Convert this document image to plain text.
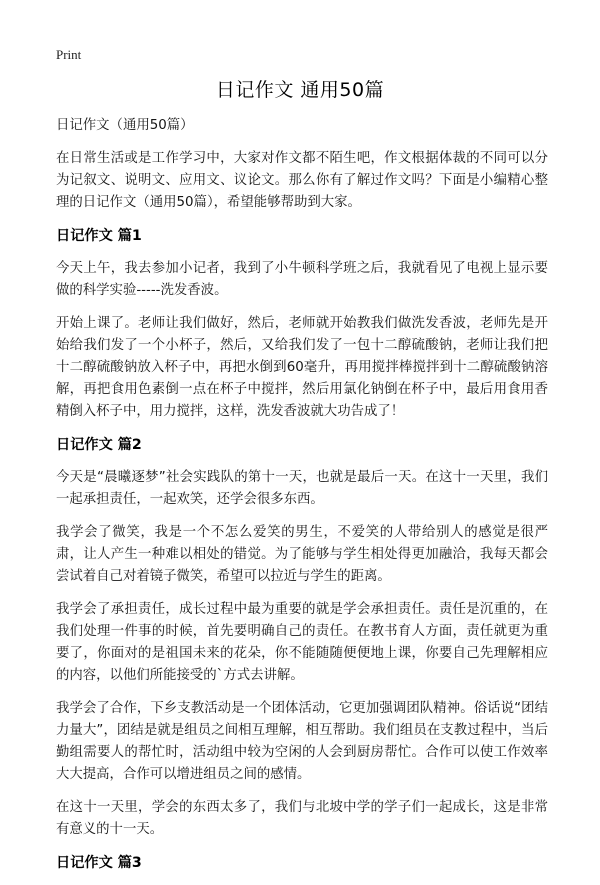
Print
日记作文 通用50篇
日记作文（通用50篇）
在日常生活或是工作学习中，大家对作文都不陌生吧，作文根据体裁的不同可以分为记叙文、说明文、应用文、议论文。那么你有了解过作文吗？下面是小编精心整理的日记作文（通用50篇），希望能够帮助到大家。
日记作文 篇1
今天上午，我去参加小记者，我到了小牛顿科学班之后，我就看见了电视上显示要做的科学实验-----洗发香波。
开始上课了。老师让我们做好，然后，老师就开始教我们做洗发香波，老师先是开始给我们发了一个小杯子，然后，又给我们发了一包十二醇硫酸钠，老师让我们把十二醇硫酸钠放入杯子中，再把水倒到60毫升，再用搅拌棒搅拌到十二醇硫酸钠溶解，再把食用色素倒一点在杯子中搅拌，然后用氯化钠倒在杯子中，最后用食用香精倒入杯子中，用力搅拌，这样，洗发香波就大功告成了！
日记作文 篇2
今天是“晨曦逐梦”社会实践队的第十一天，也就是最后一天。在这十一天里，我们一起承担责任，一起欢笑，还学会很多东西。
我学会了微笑，我是一个不怎么爱笑的男生，不爱笑的人带给别人的感觉是很严肃，让人产生一种难以相处的错觉。为了能够与学生相处得更加融洽，我每天都会尝试着自己对着镜子微笑，希望可以拉近与学生的距离。
我学会了承担责任，成长过程中最为重要的就是学会承担责任。责任是沉重的，在我们处理一件事的时候，首先要明确自己的责任。在教书育人方面，责任就更为重要了，你面对的是祖国未来的花朵，你不能随随便便地上课，你要自己先理解相应的内容，以他们所能接受的`方式去讲解。
我学会了合作，下乡支教活动是一个团体活动，它更加强调团队精神。俗话说“团结力量大”，团结是就是组员之间相互理解，相互帮助。我们组员在支教过程中，当后勤组需要人的帮忙时，活动组中较为空闲的人会到厨房帮忙。合作可以使工作效率大大提高，合作可以增进组员之间的感情。
在这十一天里，学会的东西太多了，我们与北坡中学的学子们一起成长，这是非常有意义的十一天。
日记作文 篇3
